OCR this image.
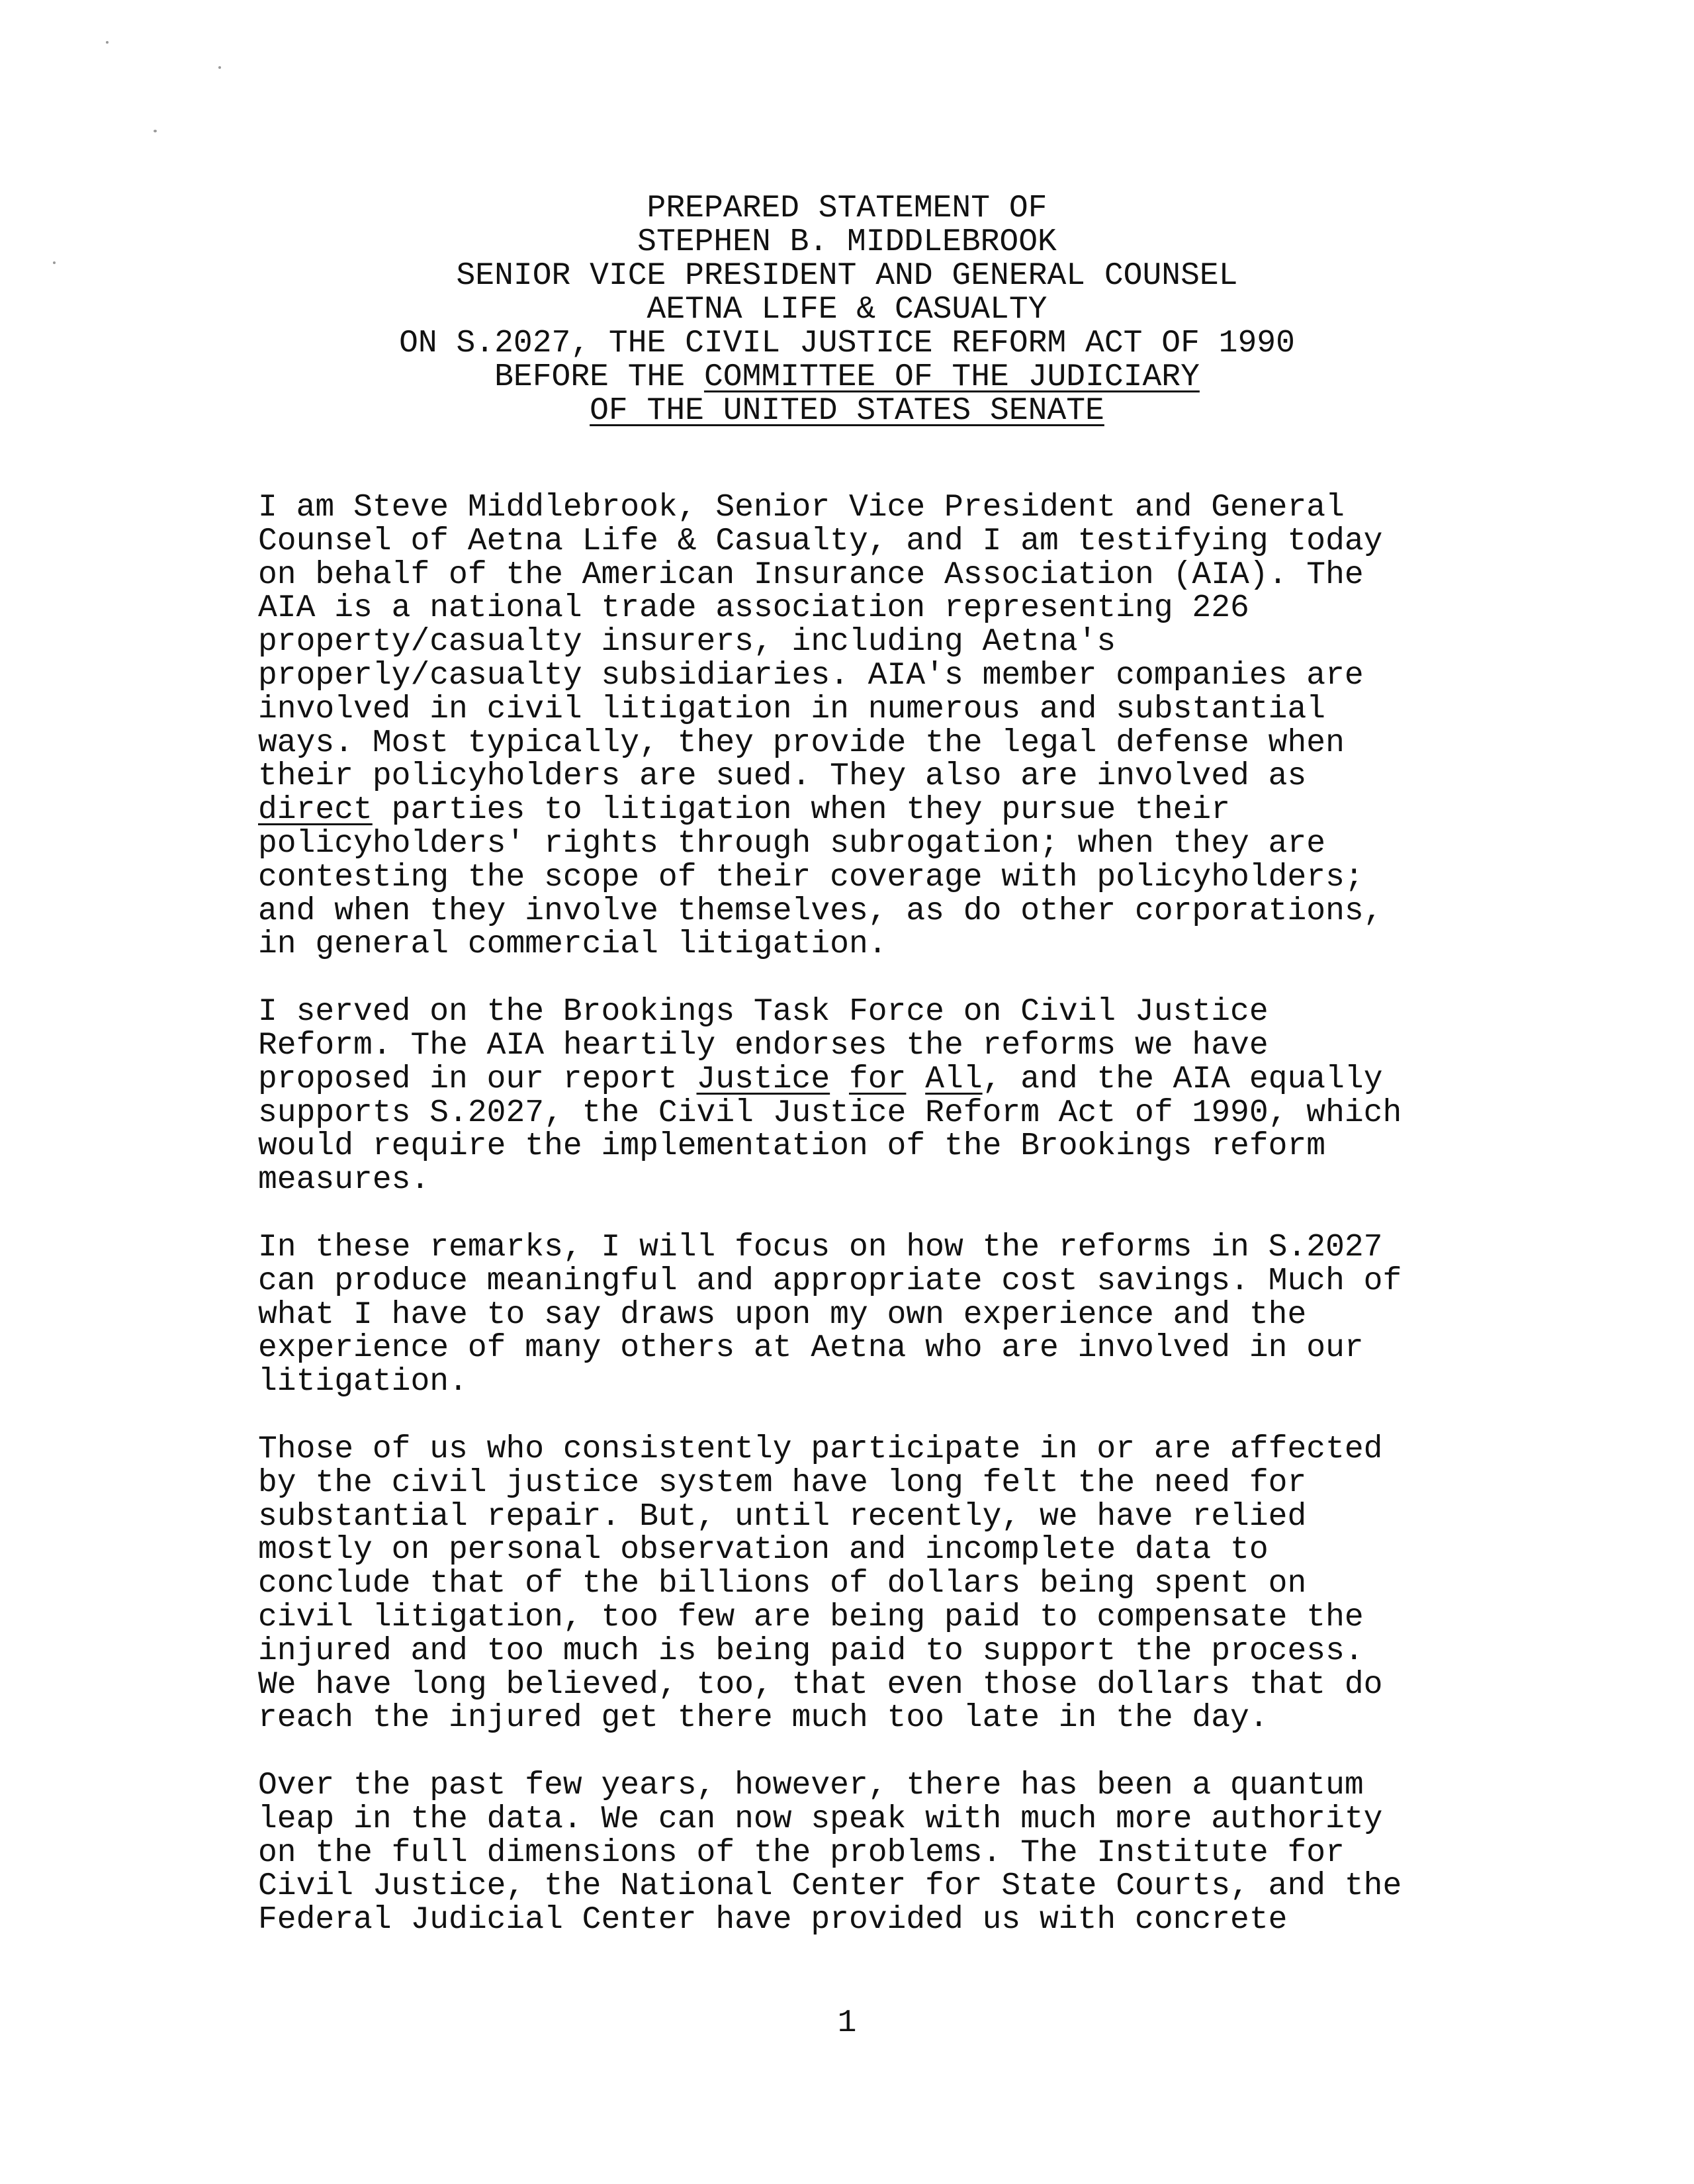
PREPARED STATEMENT OF
STEPHEN B. MIDDLEBROOK
SENIOR VICE PRESIDENT AND GENERAL COUNSEL
AETNA LIFE & CASUALTY
ON S.2027, THE CIVIL JUSTICE REFORM ACT OF 1990
BEFORE THE COMMITTEE OF THE JUDICIARY
OF THE UNITED STATES SENATE
I am Steve Middlebrook, Senior Vice President and General
Counsel of Aetna Life & Casualty, and I am testifying today
on behalf of the American Insurance Association (AIA). The
AIA is a national trade association representing 226
property/casualty insurers, including Aetna's
properly/casualty subsidiaries. AIA's member companies are
involved in civil litigation in numerous and substantial
ways. Most typically, they provide the legal defense when
their policyholders are sued. They also are involved as
direct parties to litigation when they pursue their
policyholders' rights through subrogation; when they are
contesting the scope of their coverage with policyholders;
and when they involve themselves, as do other corporations,
in general commercial litigation.
I served on the Brookings Task Force on Civil Justice
Reform. The AIA heartily endorses the reforms we have
proposed in our report Justice for All, and the AIA equally
supports S.2027, the Civil Justice Reform Act of 1990, which
would require the implementation of the Brookings reform
measures.
In these remarks, I will focus on how the reforms in S.2027
can produce meaningful and appropriate cost savings. Much of
what I have to say draws upon my own experience and the
experience of many others at Aetna who are involved in our
litigation.
Those of us who consistently participate in or are affected
by the civil justice system have long felt the need for
substantial repair. But, until recently, we have relied
mostly on personal observation and incomplete data to
conclude that of the billions of dollars being spent on
civil litigation, too few are being paid to compensate the
injured and too much is being paid to support the process.
We have long believed, too, that even those dollars that do
reach the injured get there much too late in the day.
Over the past few years, however, there has been a quantum
leap in the data. We can now speak with much more authority
on the full dimensions of the problems. The Institute for
Civil Justice, the National Center for State Courts, and the
Federal Judicial Center have provided us with concrete
1
